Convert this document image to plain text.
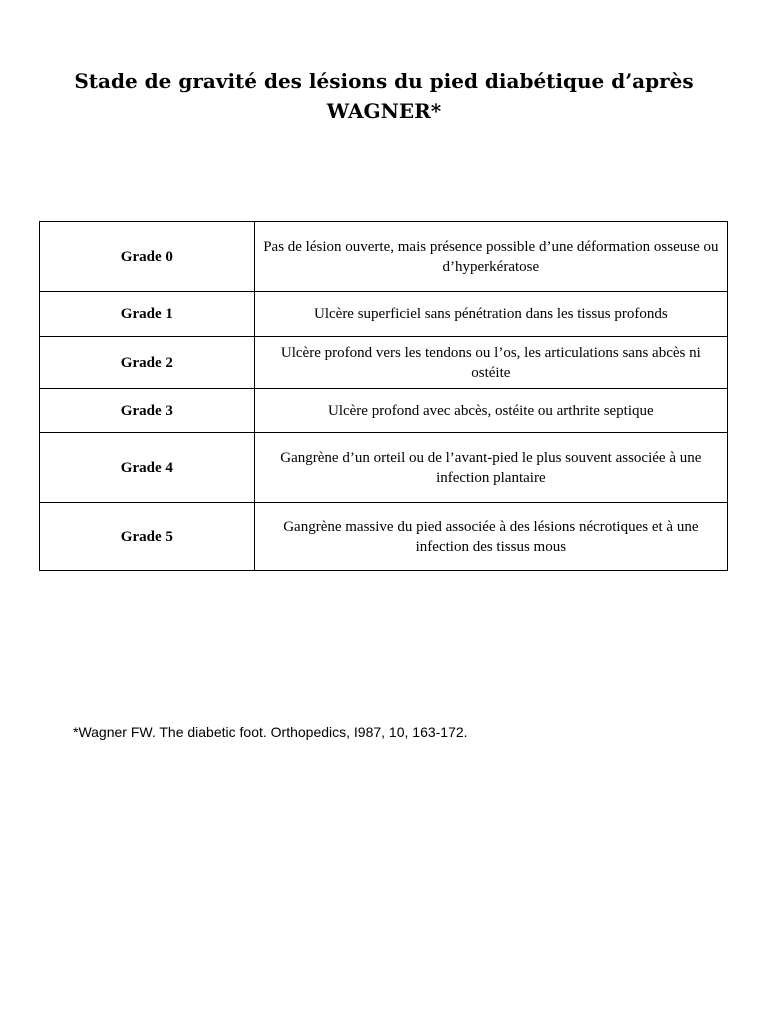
Stade de gravité des lésions du pied diabétique d’après
WAGNER*
Grade 0	Pas de lésion ouverte, mais présence possible d’une déformation osseuse ou d’hyperkératose
Grade 1	Ulcère superficiel sans pénétration dans les tissus profonds
Grade 2	Ulcère profond vers les tendons ou l’os, les articulations sans abcès ni ostéite
Grade 3	Ulcère profond avec abcès, ostéite ou arthrite septique
Grade 4	Gangrène d’un orteil ou de l’avant-pied le plus souvent associée à une infection plantaire
Grade 5	Gangrène massive du pied associée à des lésions nécrotiques et à une infection des tissus mous

*Wagner FW. The diabetic foot. Orthopedics, I987, 10, 163-172.
